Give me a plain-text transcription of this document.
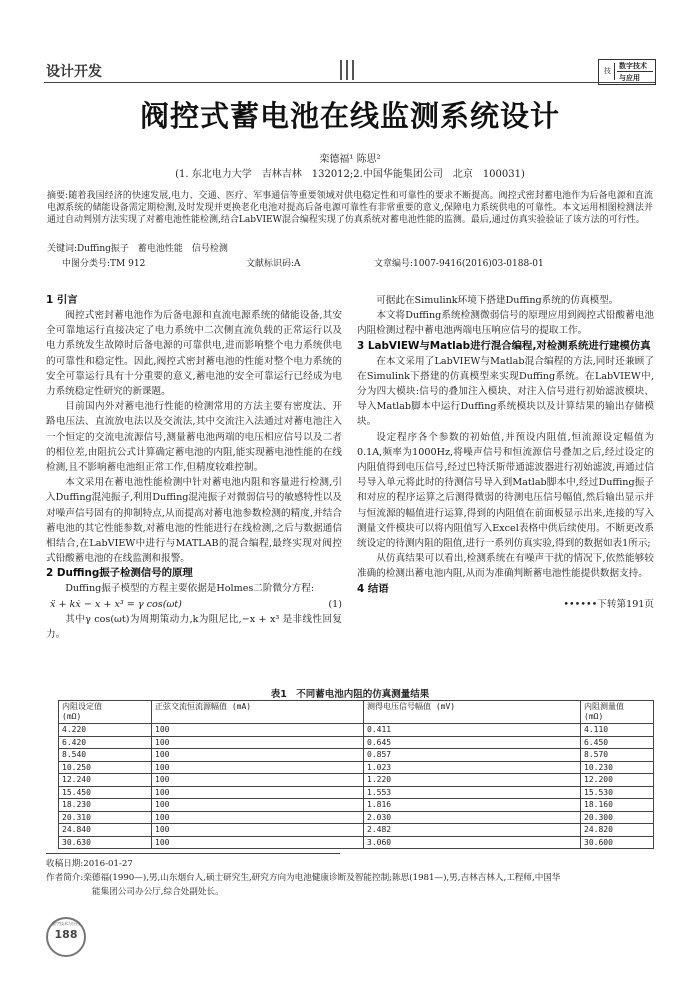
设计开发	技
数字技术
与应用
阀控式蓄电池在线监测系统设计
栾德福¹ 陈思²
(1. 东北电力大学　吉林吉林　132012;2.中国华能集团公司　北京　100031)
摘要:随着我国经济的快速发展,电力、交通、医疗、军事通信等重要领域对供电稳定性和可靠性的要求不断提高。阀控式密封蓄电池作为后备电源和直流电源系统的储能设备需定期检测,及时发现并更换老化电池对提高后备电源可靠性有非常重要的意义,保障电力系统供电的可靠性。本文运用相图检测法并通过自动判别方法实现了对蓄电池性能检测,结合LabVIEW混合编程实现了仿真系统对蓄电池性能的监测。最后,通过仿真实验验证了该方法的可行性。
关键词:Duffing振子　蓄电池性能　信号检测
中图分类号:TM 912	文献标识码:A	文章编号:1007-9416(2016)03-0188-01
1 引言

阀控式密封蓄电池作为后备电源和直流电源系统的储能设备,其安全可靠地运行直接决定了电力系统中二次侧直流负载的正常运行以及电力系统发生故障时后备电源的可靠供电,进而影响整个电力系统供电的可靠性和稳定性。因此,阀控式密封蓄电池的性能对整个电力系统的安全可靠运行具有十分重要的意义,蓄电池的安全可靠运行已经成为电力系统稳定性研究的新课题。

目前国内外对蓄电池行性能的检测常用的方法主要有密度法、开路电压法、直流放电法以及交流法,其中交流注入法通过对蓄电池注入一个恒定的交流电流源信号,测量蓄电池两端的电压相应信号以及二者的相位差,由阻抗公式计算确定蓄电池的内阻,能实现蓄电池性能的在线检测,且不影响蓄电池组正常工作,但精度较难控制。

本文采用在蓄电池性能检测中针对蓄电池内阻和容量进行检测,引入Duffing混沌振子,利用Duffing混沌振子对微弱信号的敏感特性以及对噪声信号固有的抑制特点,从而提高对蓄电池参数检测的精度,并结合蓄电池的其它性能参数,对蓄电池的性能进行在线检测,之后与数据通信相结合,在LabVIEW中进行与MATLAB的混合编程,最终实现对阀控式铅酸蓄电池的在线监测和报警。

2 Duffing振子检测信号的原理

Duffing振子模型的方程主要依据是Holmes二阶微分方程:

ẍ + kẋ − x + x³ = γ cos(ωt)	(1)

其中γ cos(ωt)为周期策动力,k为阻尼比,−x + x³ 是非线性回复力。

可据此在Simulink环境下搭建Duffing系统的仿真模型。

本文将Duffing系统检测微弱信号的原理应用到阀控式铅酸蓄电池内阻检测过程中蓄电池两端电压响应信号的提取工作。

3 LabVIEW与Matlab进行混合编程,对检测系统进行建模仿真

在本文采用了LabVIEW与Matlab混合编程的方法,同时还兼顾了在Simulink下搭建的仿真模型来实现Duffing系统。在LabVIEW中,分为四大模块:信号的叠加注入模块、对注入信号进行初始滤波模块、导入Matlab脚本中运行Duffing系统模块以及计算结果的输出存储模块。

设定程序各个参数的初始值,并预设内阻值,恒流源设定幅值为0.1A,频率为1000Hz,将噪声信号和恒流源信号叠加之后,经过设定的内阻值得到电压信号,经过巴特沃斯带通滤波器进行初始滤波,再通过信号导入单元将此时的待测信号导入到Matlab脚本中,经过Duffing振子和对应的程序运算之后测得微弱的待测电压信号幅值,然后输出显示并与恒流源的幅值进行运算,得到的内阻值在前面板显示出来,连接的写入测量文件模块可以将内阻值写入Excel表格中供后续使用。不断更改系统设定的待测内阻的阻值,进行一系列仿真实验,得到的数据如表1所示;

从仿真结果可以看出,检测系统在有噪声干扰的情况下,依然能够较准确的检测出蓄电池内阻,从而为准确判断蓄电池性能提供数据支持。

4 结语
••••••下转第191页
表1　不同蓄电池内阻的仿真测量结果
内阻设定值
(mΩ)	正弦交流恒流源幅值 (mA)	测得电压信号幅值 (mV)	内阻测量值
(mΩ)
4.220	100	0.411	4.110
6.420	100	0.645	6.450
8.540	100	0.857	8.570
10.250	100	1.023	10.230
12.240	100	1.220	12.200
15.450	100	1.553	15.530
18.230	100	1.816	18.160
20.310	100	2.030	20.300
24.840	100	2.482	24.820
30.630	100	3.060	30.600
收稿日期:2016-01-27
作者简介:栾德福(1990—),男,山东烟台人,硕士研究生,研究方向为电池健康诊断及智能控制;陈思(1981—),男,吉林吉林人,工程师,中国华
能集团公司办公厅,综合处副处长。
数字技术与应用
188
